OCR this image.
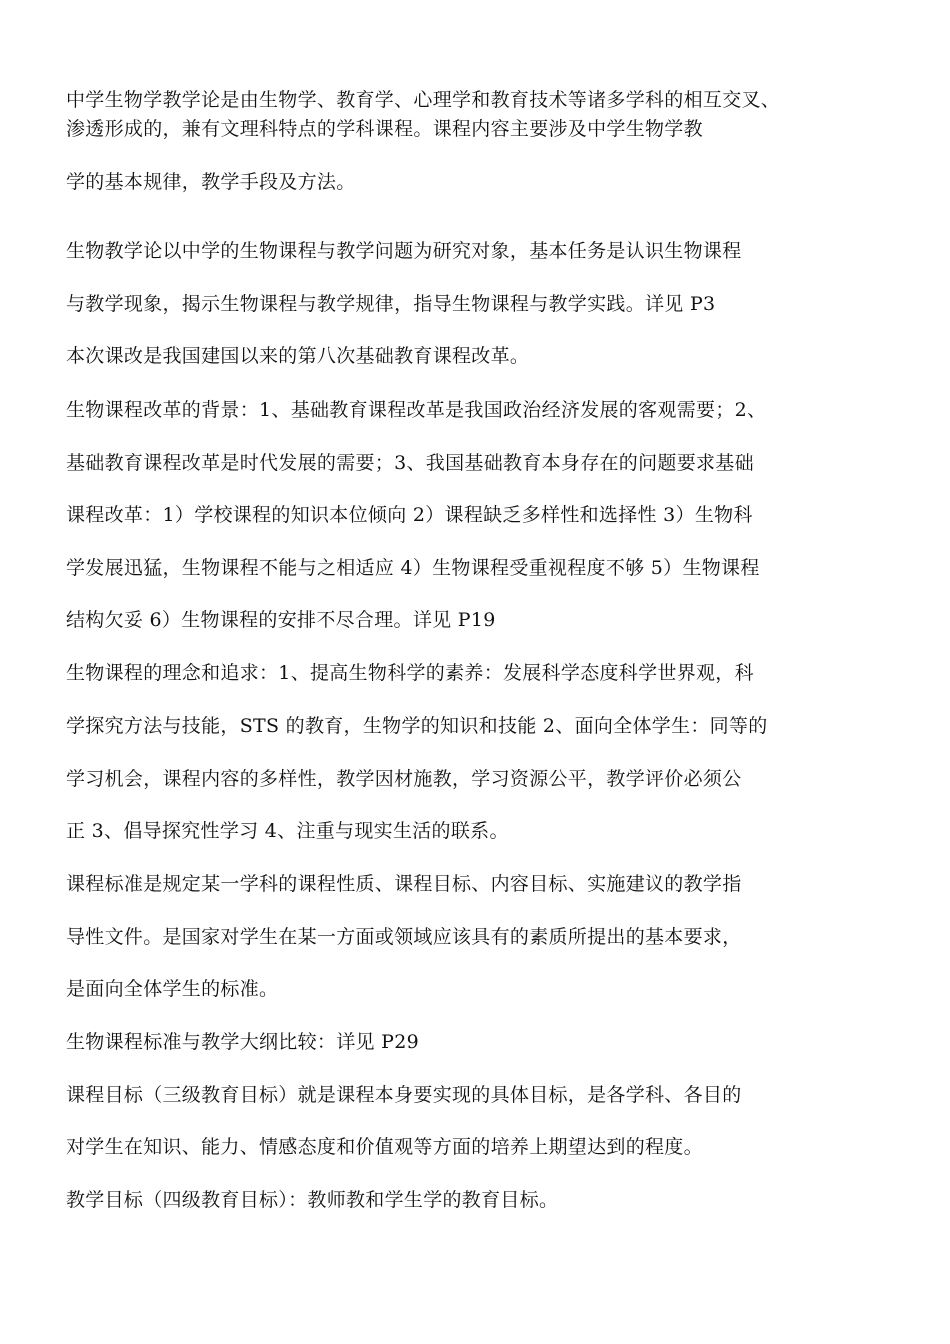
中学生物学教学论是由生物学、教育学、心理学和教育技术等诸多学科的相互交叉、

渗透形成的，兼有文理科特点的学科课程。课程内容主要涉及中学生物学教

学的基本规律，教学手段及方法。

生物教学论以中学的生物课程与教学问题为研究对象，基本任务是认识生物课程

与教学现象，揭示生物课程与教学规律，指导生物课程与教学实践。详见 P3

本次课改是我国建国以来的第八次基础教育课程改革。

生物课程改革的背景：1、基础教育课程改革是我国政治经济发展的客观需要；2、

基础教育课程改革是时代发展的需要；3、我国基础教育本身存在的问题要求基础

课程改革：1）学校课程的知识本位倾向 2）课程缺乏多样性和选择性 3）生物科

学发展迅猛，生物课程不能与之相适应 4）生物课程受重视程度不够 5）生物课程

结构欠妥 6）生物课程的安排不尽合理。详见 P19

生物课程的理念和追求：1、提高生物科学的素养：发展科学态度科学世界观，科

学探究方法与技能，STS 的教育，生物学的知识和技能 2、面向全体学生：同等的

学习机会，课程内容的多样性，教学因材施教，学习资源公平，教学评价必须公

正 3、倡导探究性学习 4、注重与现实生活的联系。

课程标准是规定某一学科的课程性质、课程目标、内容目标、实施建议的教学指

导性文件。是国家对学生在某一方面或领域应该具有的素质所提出的基本要求，

是面向全体学生的标准。

生物课程标准与教学大纲比较：详见 P29

课程目标（三级教育目标）就是课程本身要实现的具体目标，是各学科、各目的

对学生在知识、能力、情感态度和价值观等方面的培养上期望达到的程度。

教学目标（四级教育目标）：教师教和学生学的教育目标。
